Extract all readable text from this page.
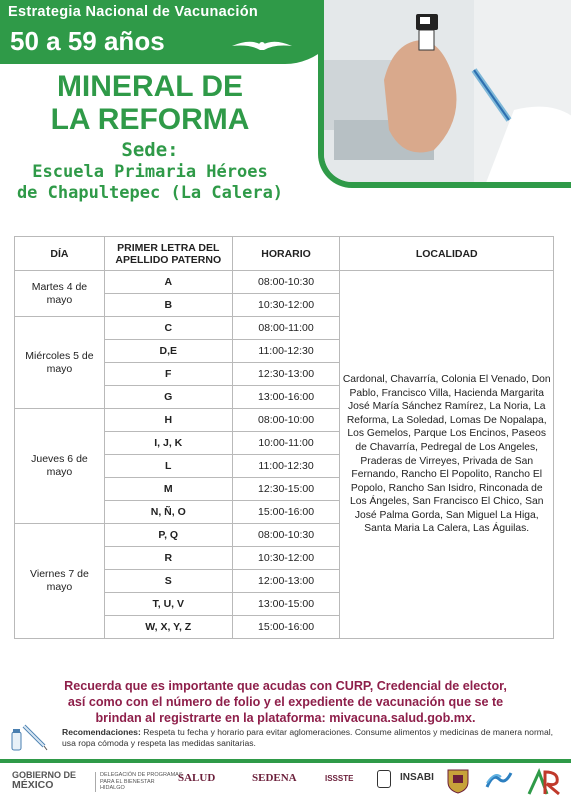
Estrategia Nacional de Vacunación
50 a 59 años
MINERAL DE
LA REFORMA
Sede:
Escuela Primaria Héroes
de Chapultepec (La Calera)
DÍA	PRIMER LETRA DEL
APELLIDO PATERNO	HORARIO	LOCALIDAD

Martes 4 de
mayo	A	08:00-10:30	Cardonal, Chavarría, Colonia El Venado, Don Pablo, Francisco Villa, Hacienda Margarita José María Sánchez Ramírez, La Noria, La Reforma, La Soledad, Lomas De Nopalapa, Los Gemelos, Parque Los Encinos, Paseos de Chavarría, Pedregal de Los Angeles, Praderas de Virreyes, Privada de San Fernando, Rancho El Popolito, Rancho El Popolo, Rancho San Isidro, Rinconada de Los Ángeles, San Francisco El Chico, San José Palma Gorda, San Miguel La Higa, Santa Maria La Calera, Las Águilas.
	B	10:30-12:00	

Miércoles 5 de
mayo	C	08:00-11:00	
	D,E	11:00-12:30	
	F	12:30-13:00	
	G	13:00-16:00	

Jueves 6 de mayo	H	08:00-10:00	
	I, J, K	10:00-11:00	
	L	11:00-12:30	
	M	12:30-15:00	
	N, Ñ, O	15:00-16:00	

Viernes 7 de
mayo	P, Q	08:00-10:30	
	R	10:30-12:00	
	S	12:00-13:00	
	T, U, V	13:00-15:00	
	W, X, Y, Z	15:00-16:00	
Recuerda que es importante que acudas con CURP, Credencial de elector,
así como con el número de folio y el expediente de vacunación que se te
brindan al registrarte en la plataforma: mivacuna.salud.gob.mx.
Recomendaciones: Respeta tu fecha y horario para evitar aglomeraciones. Consume alimentos y medicinas de manera normal, usa ropa cómoda y respeta las medidas sanitarias.
GOBIERNO DE
MÉXICO
DELEGACIÓN DE PROGRAMAS
PARA EL BIENESTAR
HIDALGO
SALUD	SEDENA	ISSSTE	INSABI
